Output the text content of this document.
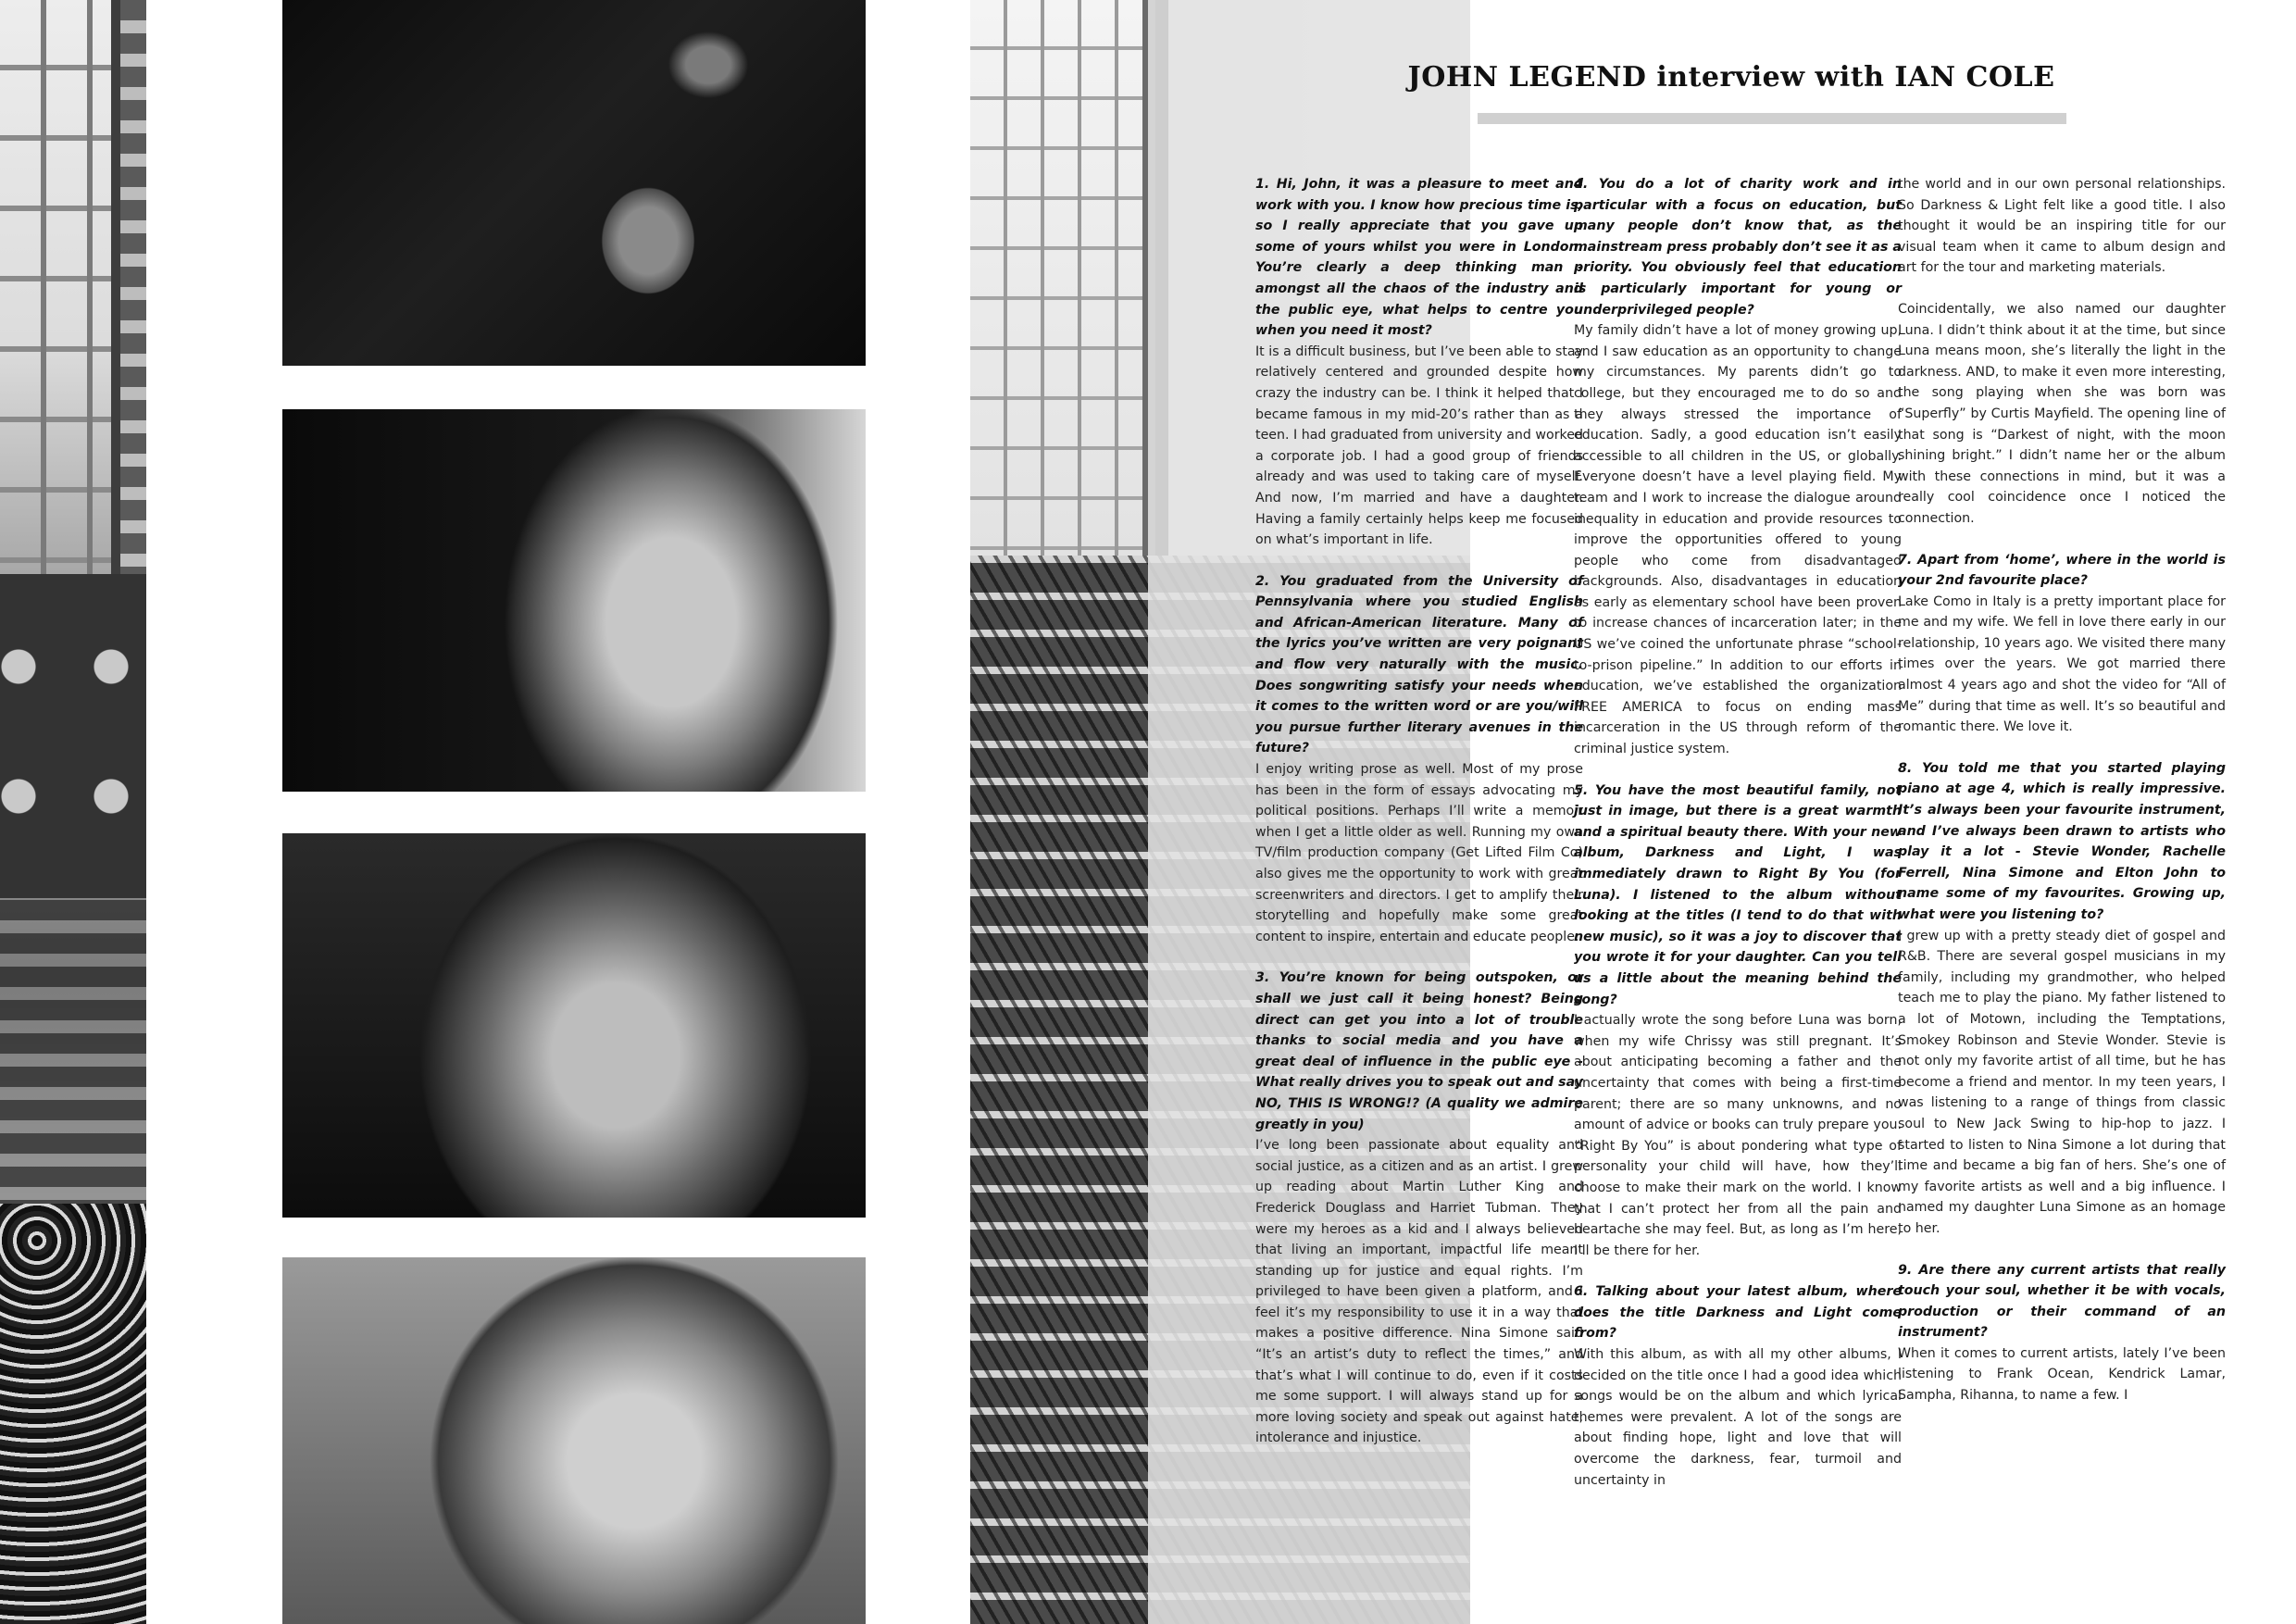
JOHN LEGEND interview with IAN COLE

1. Hi, John, it was a pleasure to meet and work with you. I know how precious time is, so I really appreciate that you gave up some of yours whilst you were in London. You’re clearly a deep thinking man - amongst all the chaos of the industry and the public eye, what helps to centre you when you need it most?

It is a difficult business, but I’ve been able to stay relatively centered and grounded despite how crazy the industry can be. I think it helped that I became famous in my mid-20’s rather than as a teen. I had graduated from university and worked a corporate job. I had a good group of friends already and was used to taking care of myself. And now, I’m married and have a daughter. Having a family certainly helps keep me focused on what’s important in life.

2. You graduated from the University of Pennsylvania where you studied English and African-American literature. Many of the lyrics you’ve written are very poignant and flow very naturally with the music. Does songwriting satisfy your needs when it comes to the written word or are you/will you pursue further literary avenues in the future?

I enjoy writing prose as well. Most of my prose has been in the form of essays advocating my political positions. Perhaps I’ll write a memoir when I get a little older as well. Running my own TV/film production company (Get Lifted Film Co) also gives me the opportunity to work with great screenwriters and directors. I get to amplify their storytelling and hopefully make some great content to inspire, entertain and educate people.

3. You’re known for being outspoken, or shall we just call it being honest? Being direct can get you into a lot of trouble thanks to social media and you have a great deal of influence in the public eye - What really drives you to speak out and say NO, THIS IS WRONG!? (A quality we admire greatly in you)

I’ve long been passionate about equality and social justice, as a citizen and as an artist. I grew up reading about Martin Luther King and Frederick Douglass and Harriet Tubman. They were my heroes as a kid and I always believed that living an important, impactful life meant standing up for justice and equal rights. I’m privileged to have been given a platform, and I feel it’s my responsibility to use it in a way that makes a positive difference. Nina Simone said “It’s an artist’s duty to reflect the times,” and that’s what I will continue to do, even if it costs me some support. I will always stand up for a more loving society and speak out against hate, intolerance and injustice.

4. You do a lot of charity work and in particular with a focus on education, but many people don’t know that, as the mainstream press probably don’t see it as a priority. You obviously feel that education is particularly important for young or underprivileged people?

My family didn’t have a lot of money growing up, and I saw education as an opportunity to change my circumstances. My parents didn’t go to college, but they encouraged me to do so and they always stressed the importance of education. Sadly, a good education isn’t easily accessible to all children in the US, or globally. Everyone doesn’t have a level playing field. My team and I work to increase the dialogue around inequality in education and provide resources to improve the opportunities offered to young people who come from disadvantaged backgrounds. Also, disadvantages in education as early as elementary school have been proven to increase chances of incarceration later; in the US we’ve coined the unfortunate phrase “school-to-prison pipeline.” In addition to our efforts in education, we’ve established the organization FREE AMERICA to focus on ending mass incarceration in the US through reform of the criminal justice system.

5. You have the most beautiful family, not just in image, but there is a great warmth and a spiritual beauty there. With your new album, Darkness and Light, I was immediately drawn to Right By You (for Luna). I listened to the album without looking at the titles (I tend to do that with new music), so it was a joy to discover that you wrote it for your daughter. Can you tell us a little about the meaning behind the song?

I actually wrote the song before Luna was born, when my wife Chrissy was still pregnant. It’s about anticipating becoming a father and the uncertainty that comes with being a first-time parent; there are so many unknowns, and no amount of advice or books can truly prepare you. “Right By You” is about pondering what type of personality your child will have, how they’ll choose to make their mark on the world. I know that I can’t protect her from all the pain and heartache she may feel. But, as long as I’m here, I’ll be there for her.

6. Talking about your latest album, where does the title Darkness and Light come from?

With this album, as with all my other albums, I decided on the title once I had a good idea which songs would be on the album and which lyrical themes were prevalent. A lot of the songs are about finding hope, light and love that will overcome the darkness, fear, turmoil and uncertainty in

the world and in our own personal relationships. So Darkness & Light felt like a good title. I also thought it would be an inspiring title for our visual team when it came to album design and art for the tour and marketing materials.

Coincidentally, we also named our daughter Luna. I didn’t think about it at the time, but since Luna means moon, she’s literally the light in the darkness. AND, to make it even more interesting, the song playing when she was born was “Superfly” by Curtis Mayfield. The opening line of that song is “Darkest of night, with the moon shining bright.” I didn’t name her or the album with these connections in mind, but it was a really cool coincidence once I noticed the connection.

7. Apart from ‘home’, where in the world is your 2nd favourite place?

Lake Como in Italy is a pretty important place for me and my wife. We fell in love there early in our relationship, 10 years ago. We visited there many times over the years. We got married there almost 4 years ago and shot the video for “All of Me” during that time as well. It’s so beautiful and romantic there. We love it.

8. You told me that you started playing piano at age 4, which is really impressive. It’s always been your favourite instrument, and I’ve always been drawn to artists who play it a lot - Stevie Wonder, Rachelle Ferrell, Nina Simone and Elton John to name some of my favourites. Growing up, what were you listening to?

I grew up with a pretty steady diet of gospel and R&B. There are several gospel musicians in my family, including my grandmother, who helped teach me to play the piano. My father listened to a lot of Motown, including the Temptations, Smokey Robinson and Stevie Wonder. Stevie is not only my favorite artist of all time, but he has become a friend and mentor. In my teen years, I was listening to a range of things from classic soul to New Jack Swing to hip-hop to jazz. I started to listen to Nina Simone a lot during that time and became a big fan of hers. She’s one of my favorite artists as well and a big influence. I named my daughter Luna Simone as an homage to her.

9. Are there any current artists that really touch your soul, whether it be with vocals, production or their command of an instrument?

When it comes to current artists, lately I’ve been listening to Frank Ocean, Kendrick Lamar, Sampha, Rihanna, to name a few. I
